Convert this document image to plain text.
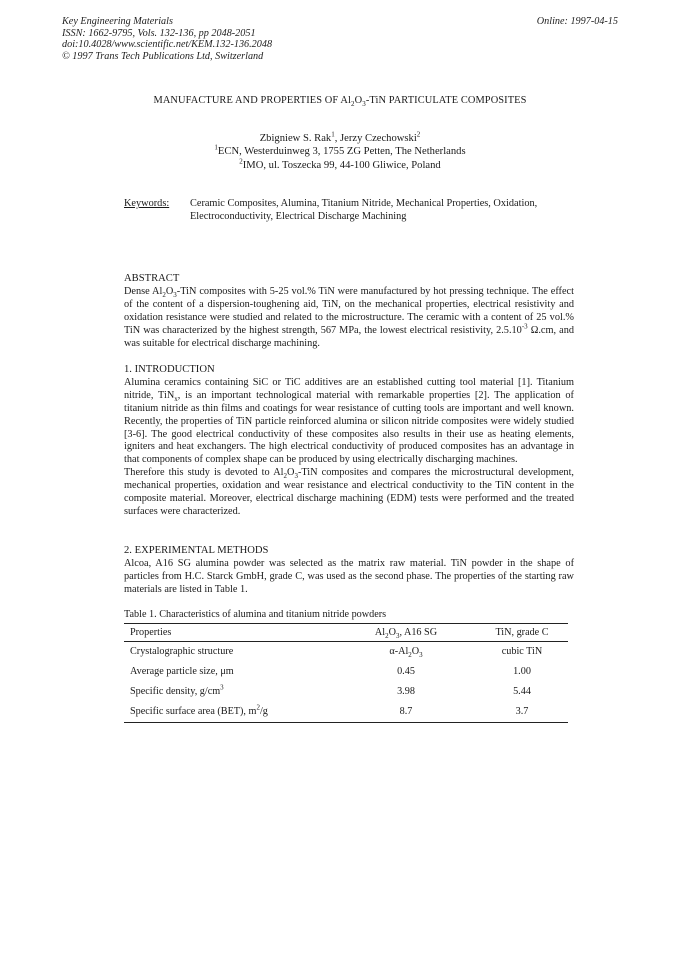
Key Engineering Materials
ISSN: 1662-9795, Vols. 132-136, pp 2048-2051
doi:10.4028/www.scientific.net/KEM.132-136.2048
© 1997 Trans Tech Publications Ltd, Switzerland
Online: 1997-04-15
MANUFACTURE AND PROPERTIES OF $Al_2O_3$-TiN PARTICULATE COMPOSITES
Zbigniew S. Rak$^1$, Jerzy Czechowski$^2$
$^1$ECN, Westerduinweg 3, 1755 ZG Petten, The Netherlands
$^2$IMO, ul. Toszecka 99, 44-100 Gliwice, Poland
Keywords: Ceramic Composites, Alumina, Titanium Nitride, Mechanical Properties, Oxidation, Electroconductivity, Electrical Discharge Machining
ABSTRACT

Dense $Al_2O_3$-TiN composites with 5-25 vol.% TiN were manufactured by hot pressing technique. The effect of the content of a dispersion-toughening aid, TiN, on the mechanical properties, electrical resistivity and oxidation resistance were studied and related to the microstructure. The ceramic with a content of 25 vol.% TiN was characterized by the highest strength, 567 MPa, the lowest electrical resistivity, $2.5.10^{-3}$ Ω.cm, and was suitable for electrical discharge machining.

1. INTRODUCTION

Alumina ceramics containing SiC or TiC additives are an established cutting tool material [1]. Titanium nitride, TiN$_x$, is an important technological material with remarkable properties [2]. The application of titanium nitride as thin films and coatings for wear resistance of cutting tools are important and well known. Recently, the properties of TiN particle reinforced alumina or silicon nitride composites were widely studied [3-6]. The good electrical conductivity of these composites also results in their use as heating elements, igniters and heat exchangers. The high electrical conductivity of produced composites has an advantage in that components of complex shape can be produced by using electrically discharging machines.

Therefore this study is devoted to $Al_2O_3$-TiN composites and compares the microstructural development, mechanical properties, oxidation and wear resistance and electrical conductivity to the TiN content in the composite material. Moreover, electrical discharge machining (EDM) tests were performed and the treated surfaces were characterized.

2. EXPERIMENTAL METHODS

Alcoa, A16 SG alumina powder was selected as the matrix raw material. TiN powder in the shape of particles from H.C. Starck GmbH, grade C, was used as the second phase. The properties of the starting raw materials are listed in Table 1.

Table 1. Characteristics of alumina and titanium nitride powders
Properties	$Al_2O_3$, A16 SG	TiN, grade C
Crystalographic structure	$\alpha-Al_2O_3$	cubic TiN
Average particle size, μm	0.45	1.00
Specific density, $g/cm^3$	3.98	5.44
Specific surface area (BET), $m^2/g$	8.7	3.7
